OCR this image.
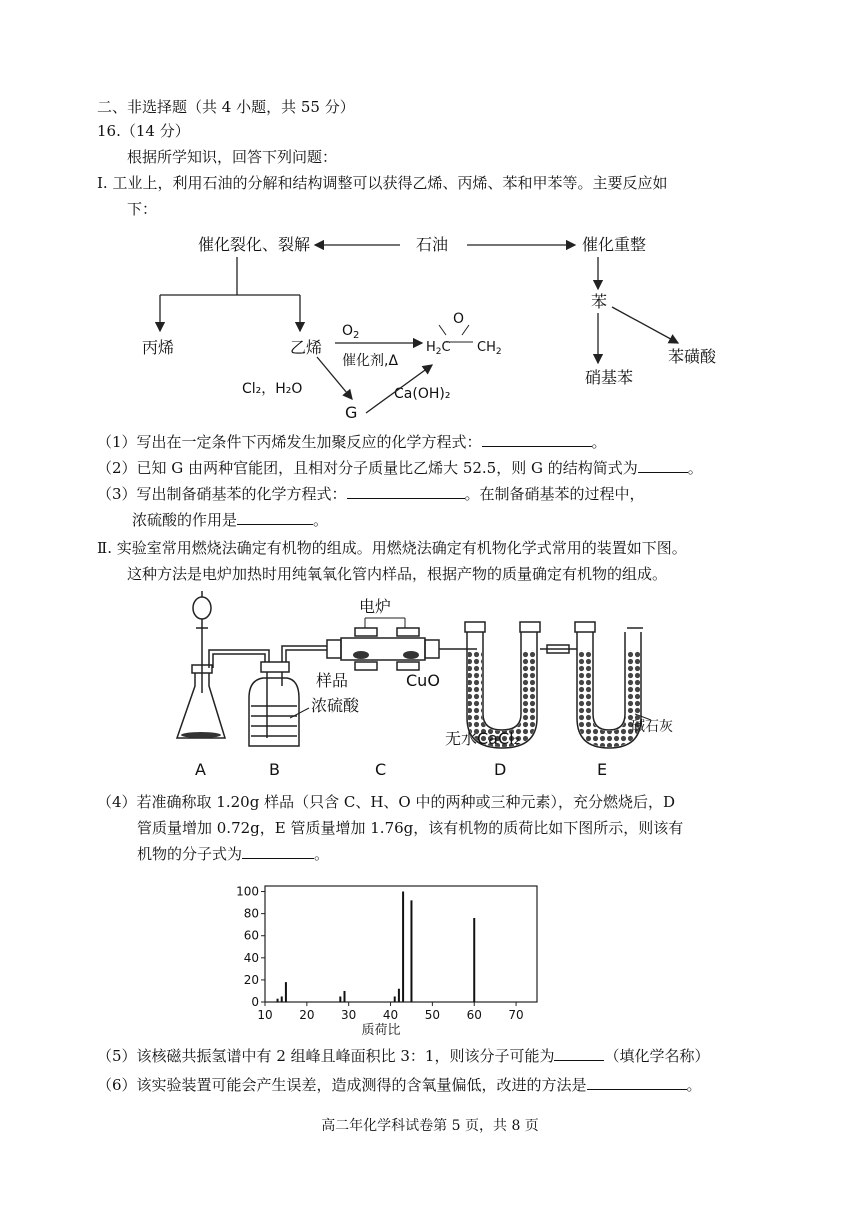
二、非选择题（共 4 小题，共 55 分）
16.（14 分）
根据所学知识，回答下列问题：
Ⅰ. 工业上，利用石油的分解和结构调整可以获得乙烯、丙烯、苯和甲苯等。主要反应如
下：
催化裂化、裂解	石油	催化重整
丙烯	乙烯
$O_2$
催化剂,Δ
O
$H_2C$ $CH_2$
Cl₂，H₂O
G
Ca(OH)₂
苯
硝基苯
苯磺酸
（1）写出在一定条件下丙烯发生加聚反应的化学方程式：	。
（2）已知 G 由两种官能团，且相对分子质量比乙烯大 52.5，则 G 的结构简式为	。
（3）写出制备硝基苯的化学方程式：	。在制备硝基苯的过程中，
浓硫酸的作用是	。
Ⅱ. 实验室常用燃烧法确定有机物的组成。用燃烧法确定有机物化学式常用的装置如下图。
这种方法是电炉加热时用纯氧氧化管内样品，根据产物的质量确定有机物的组成。
电炉
样品	CuO
浓硫酸
无水CaCl₂
碱石灰
A	B	C	D	E
（4）若准确称取 1.20g 样品（只含 C、H、O 中的两种或三种元素），充分燃烧后，D
管质量增加 0.72g，E 管质量增加 1.76g，该有机物的质荷比如下图所示，则该有
机物的分子式为	。
0
20
40
60
80
100
10 20 30 40 50 60 70
质荷比
（5）该核磁共振氢谱中有 2 组峰且峰面积比 3：1，则该分子可能为	（填化学名称）
（6）该实验装置可能会产生误差，造成测得的含氧量偏低，改进的方法是	。
高二年化学科试卷第 5 页，共 8 页
